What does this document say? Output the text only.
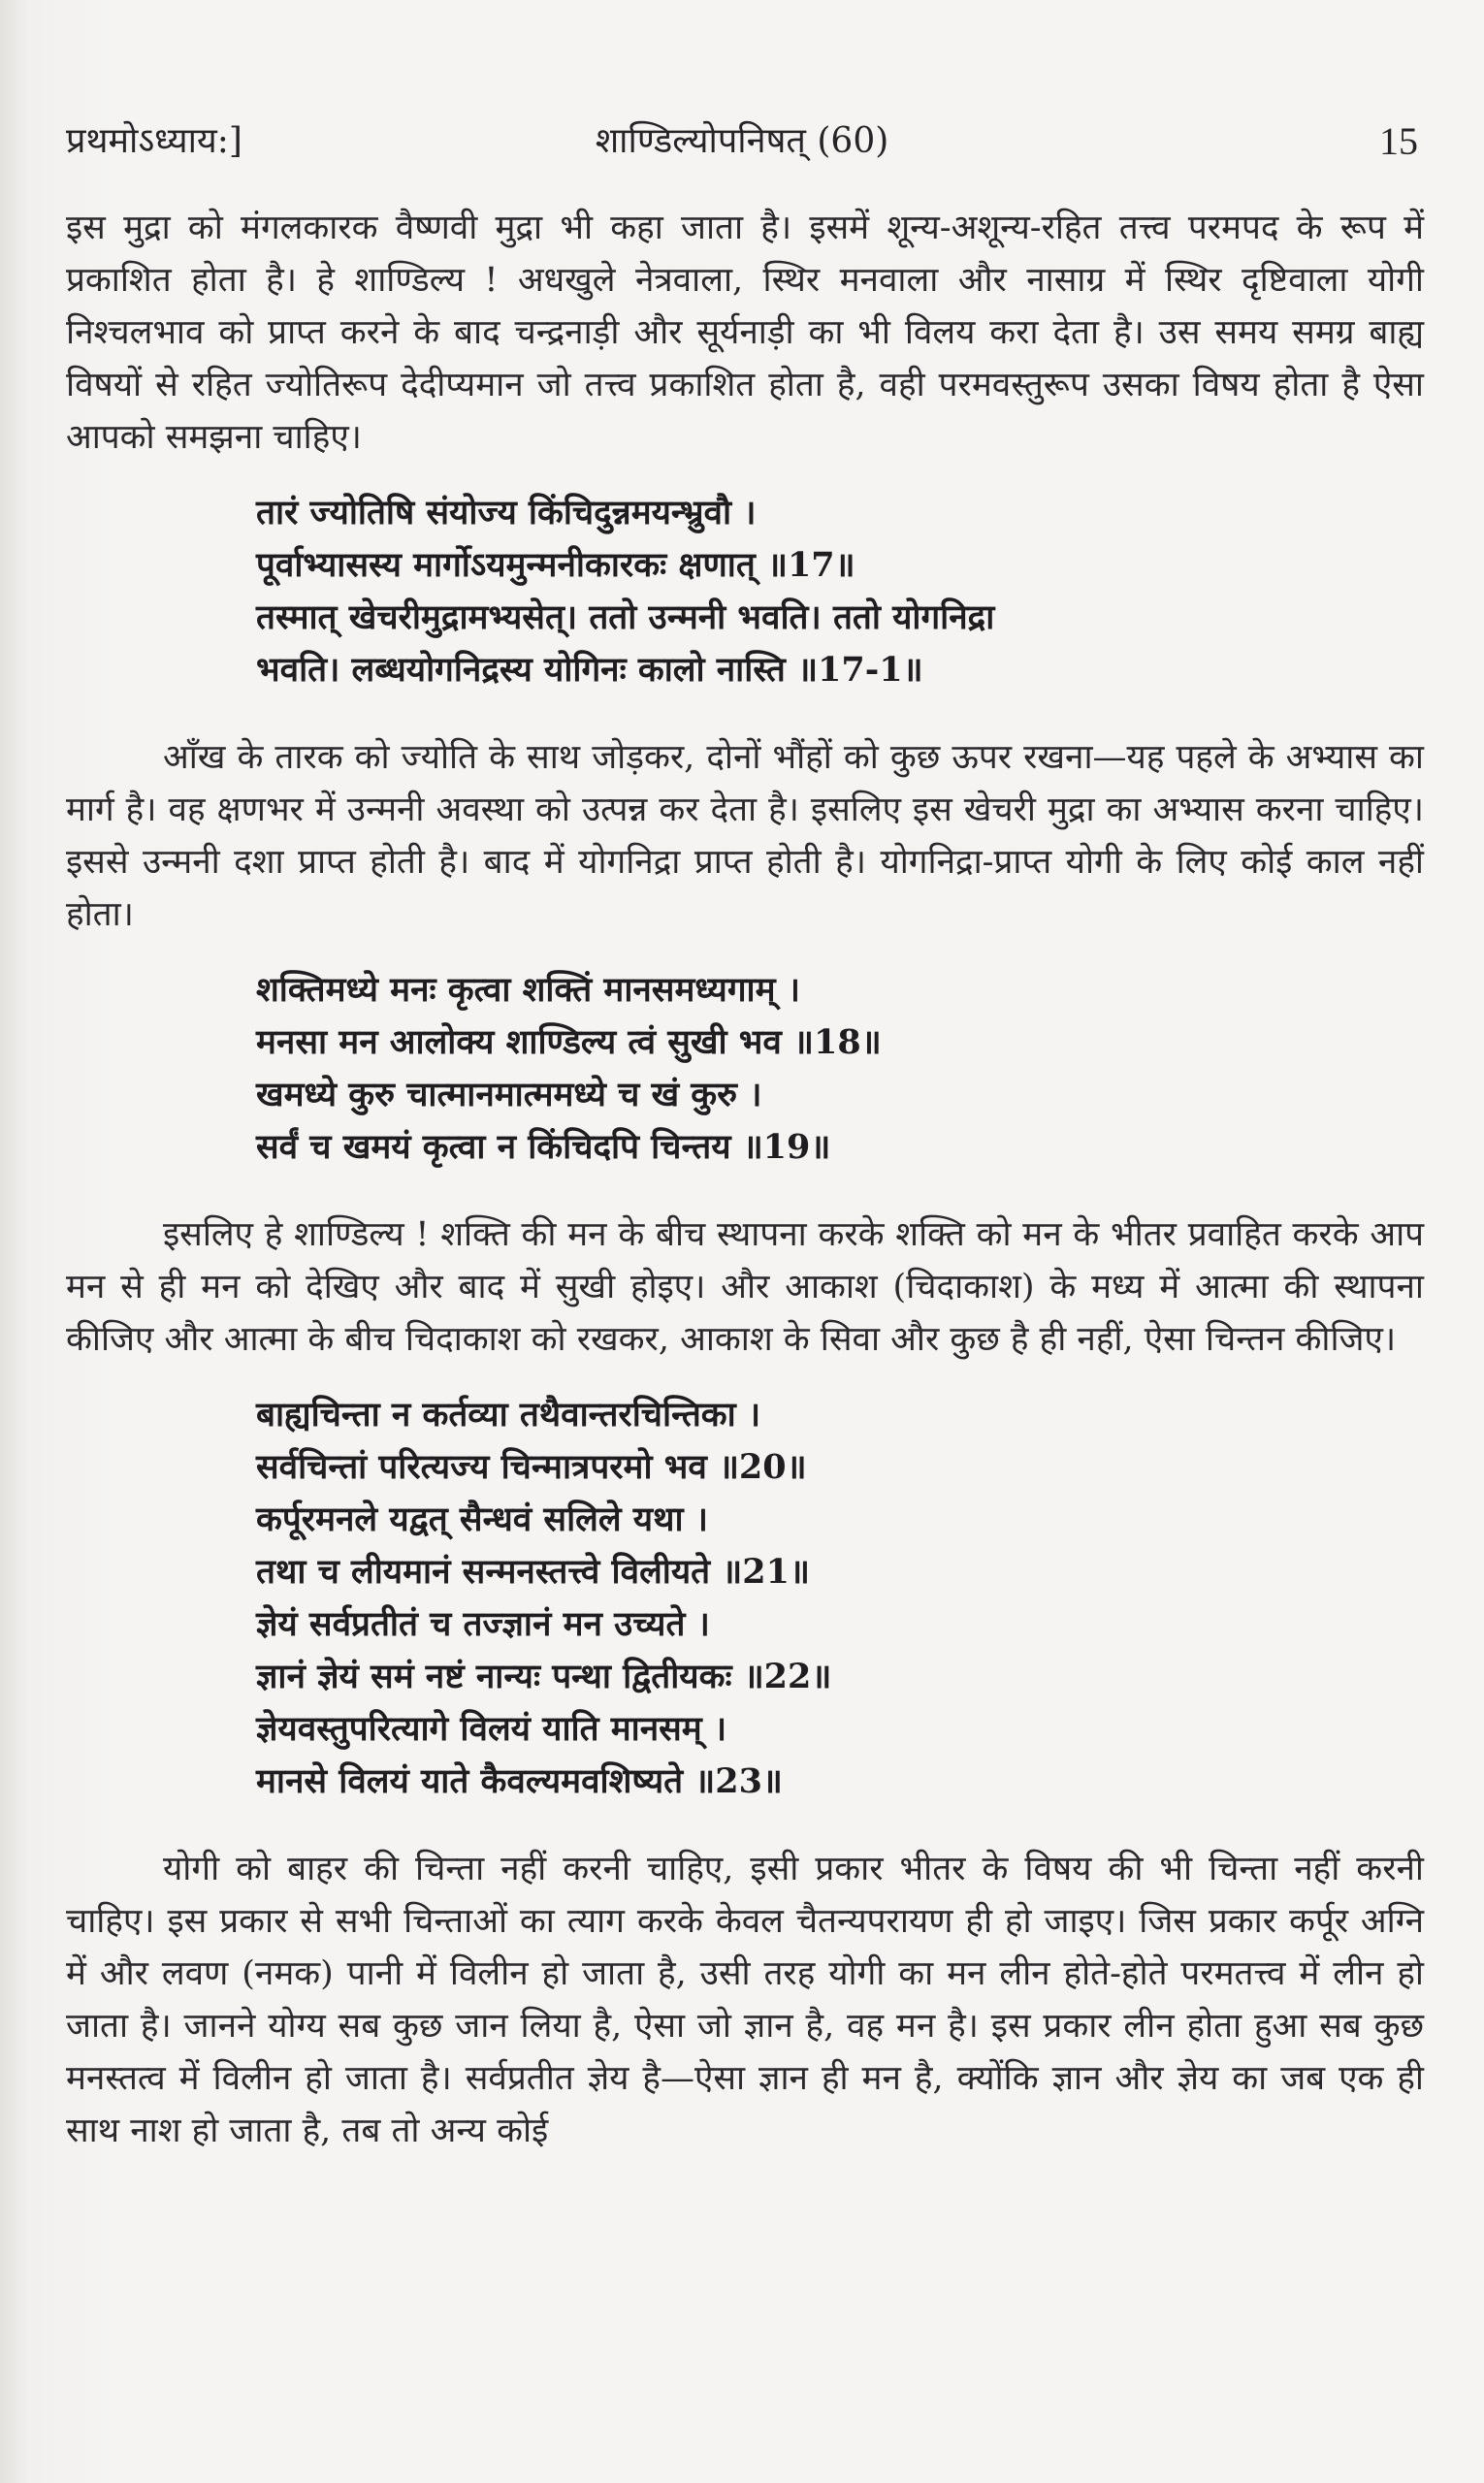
प्रथमोऽध्याय:]	शाण्डिल्योपनिषत् (60)	15

इस मुद्रा को मंगलकारक वैष्णवी मुद्रा भी कहा जाता है। इसमें शून्य-अशून्य-रहित तत्त्व परमपद के रूप में प्रकाशित होता है। हे शाण्डिल्य ! अधखुले नेत्रवाला, स्थिर मनवाला और नासाग्र में स्थिर दृष्टिवाला योगी निश्चलभाव को प्राप्त करने के बाद चन्द्रनाड़ी और सूर्यनाड़ी का भी विलय करा देता है। उस समय समग्र बाह्य विषयों से रहित ज्योतिरूप देदीप्यमान जो तत्त्व प्रकाशित होता है, वही परमवस्तुरूप उसका विषय होता है ऐसा आपको समझना चाहिए।

तारं ज्योतिषि संयोज्य किंचिदुन्नमयन्भ्रुवौ ।
पूर्वाभ्यासस्य मार्गोऽयमुन्मनीकारकः क्षणात् ॥17॥
तस्मात् खेचरीमुद्रामभ्यसेत्। ततो उन्मनी भवति। ततो योगनिद्रा
भवति। लब्धयोगनिद्रस्य योगिनः कालो नास्ति ॥17-1॥

आँख के तारक को ज्योति के साथ जोड़कर, दोनों भौंहों को कुछ ऊपर रखना—यह पहले के अभ्यास का मार्ग है। वह क्षणभर में उन्मनी अवस्था को उत्पन्न कर देता है। इसलिए इस खेचरी मुद्रा का अभ्यास करना चाहिए। इससे उन्मनी दशा प्राप्त होती है। बाद में योगनिद्रा प्राप्त होती है। योगनिद्रा-प्राप्त योगी के लिए कोई काल नहीं होता।

शक्तिमध्ये मनः कृत्वा शक्तिं मानसमध्यगाम् ।
मनसा मन आलोक्य शाण्डिल्य त्वं सुखी भव ॥18॥
खमध्ये कुरु चात्मानमात्ममध्ये च खं कुरु ।
सर्वं च खमयं कृत्वा न किंचिदपि चिन्तय ॥19॥

इसलिए हे शाण्डिल्य ! शक्ति की मन के बीच स्थापना करके शक्ति को मन के भीतर प्रवाहित करके आप मन से ही मन को देखिए और बाद में सुखी होइए। और आकाश (चिदाकाश) के मध्य में आत्मा की स्थापना कीजिए और आत्मा के बीच चिदाकाश को रखकर, आकाश के सिवा और कुछ है ही नहीं, ऐसा चिन्तन कीजिए।

बाह्यचिन्ता न कर्तव्या तथैवान्तरचिन्तिका ।
सर्वचिन्तां परित्यज्य चिन्मात्रपरमो भव ॥20॥
कर्पूरमनले यद्वत् सैन्धवं सलिले यथा ।
तथा च लीयमानं सन्मनस्तत्त्वे विलीयते ॥21॥
ज्ञेयं सर्वप्रतीतं च तज्ज्ञानं मन उच्यते ।
ज्ञानं ज्ञेयं समं नष्टं नान्यः पन्था द्वितीयकः ॥22॥
ज्ञेयवस्तुपरित्यागे विलयं याति मानसम् ।
मानसे विलयं याते कैवल्यमवशिष्यते ॥23॥

योगी को बाहर की चिन्ता नहीं करनी चाहिए, इसी प्रकार भीतर के विषय की भी चिन्ता नहीं करनी चाहिए। इस प्रकार से सभी चिन्ताओं का त्याग करके केवल चैतन्यपरायण ही हो जाइए। जिस प्रकार कर्पूर अग्नि में और लवण (नमक) पानी में विलीन हो जाता है, उसी तरह योगी का मन लीन होते-होते परमतत्त्व में लीन हो जाता है। जानने योग्य सब कुछ जान लिया है, ऐसा जो ज्ञान है, वह मन है। इस प्रकार लीन होता हुआ सब कुछ मनस्तत्व में विलीन हो जाता है। सर्वप्रतीत ज्ञेय है—ऐसा ज्ञान ही मन है, क्योंकि ज्ञान और ज्ञेय का जब एक ही साथ नाश हो जाता है, तब तो अन्य कोई
